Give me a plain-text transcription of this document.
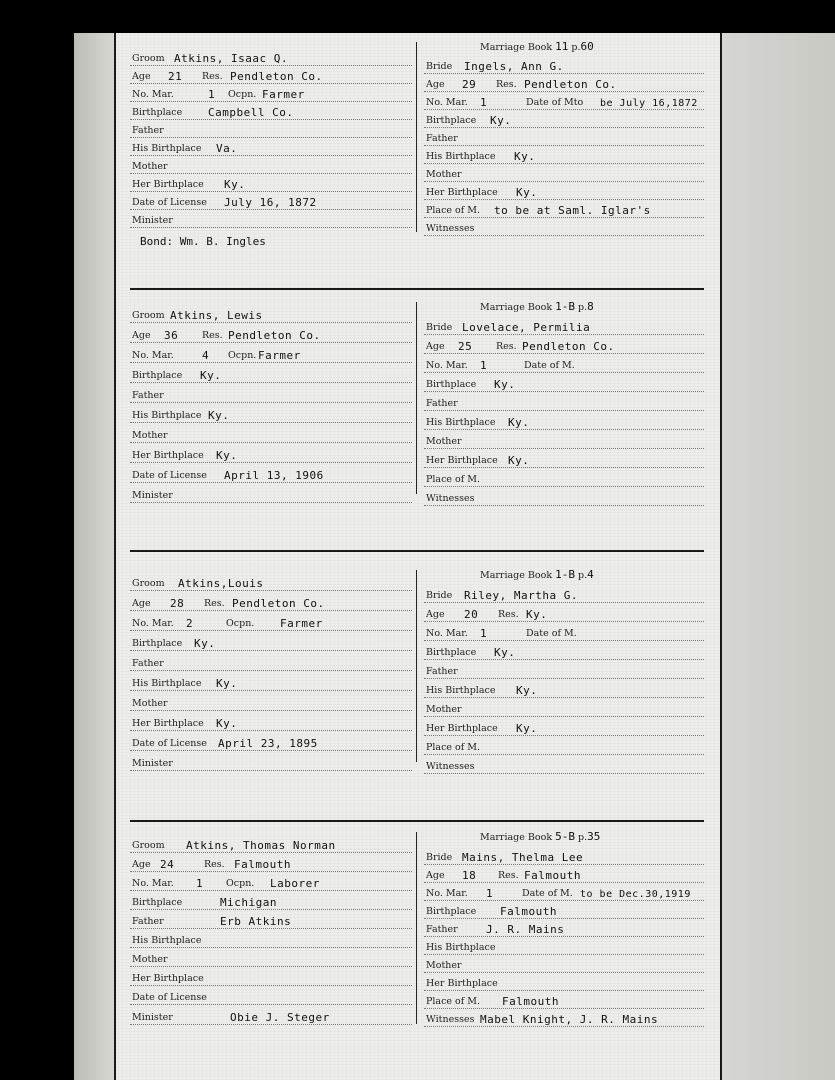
Groom Atkins, Isaac Q.
Age 21 Res. Pendleton Co.
No. Mar.	1 Ocpn. Farmer
Birthplace Campbell Co.
Father
His Birthplace Va.
Mother
Her Birthplace Ky.
Date of License July 16, 1872
Minister
Marriage Book 11 p.60
Bride Ingels, Ann G.
Age 29 Res. Pendleton Co.
No. Mar. 1	Date of Mto be July 16,1872
Birthplace Ky.
Father
His Birthplace Ky.
Mother
Her Birthplace Ky.
Place of M. to be at Saml. Iglar's
Witnesses
Bond: Wm. B. Ingles
Groom Atkins, Lewis
Age 36	Res. Pendleton Co.
No. Mar.	4 Ocpn. Farmer
Birthplace Ky.
Father
His Birthplace Ky.
Mother
Her Birthplace Ky.
Date of License April 13, 1906
Minister
Marriage Book 1-B p.8
Bride Lovelace, Permilia
Age 25	Res. Pendleton Co.
No. Mar. 1	Date of M.
Birthplace Ky.
Father
His Birthplace Ky.
Mother
Her Birthplace Ky.
Place of M.
Witnesses
Groom Atkins,Louis
Age 28 Res. Pendleton Co.
No. Mar. 2	Ocpn. Farmer
Birthplace Ky.
Father
His Birthplace Ky.
Mother
Her Birthplace Ky.
Date of License April 23, 1895
Minister
Marriage Book 1-B p.4
Bride Riley, Martha G.
Age 20 Res. Ky.
No. Mar. 1	Date of M.
Birthplace Ky.
Father
His Birthplace Ky.
Mother
Her Birthplace Ky.
Place of M.
Witnesses
Groom Atkins, Thomas Norman
Age 24	Res. Falmouth
No. Mar. 1 Ocpn. Laborer
Birthplace	Michigan
Father	Erb Atkins
His Birthplace
Mother
Her Birthplace
Date of License
Minister	Obie J. Steger
Marriage Book 5-B p.35
Bride Mains, Thelma Lee
Age 18 Res. Falmouth
No. Mar. 1	Date of M. to be Dec.30,1919
Birthplace Falmouth
Father	J. R. Mains
His Birthplace
Mother
Her Birthplace
Place of M. Falmouth
Witnesses Mabel Knight, J. R. Mains
